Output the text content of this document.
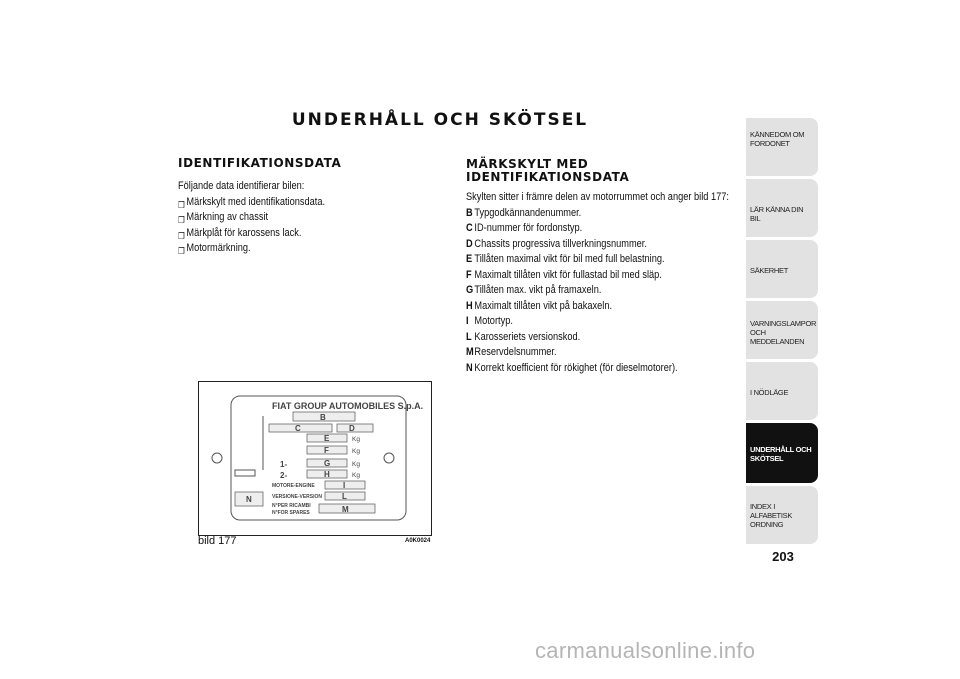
UNDERHÅLL OCH SKÖTSEL
IDENTIFIKATIONSDATA
Följande data identifierar bilen:
❒ Märkskylt med identifikationsdata.
❒ Märkning av chassit
❒ Märkplåt för karossens lack.
❒ Motormärkning.
MÄRKSKYLT MED
IDENTIFIKATIONSDATA
Skylten sitter i främre delen av motorrummet och anger bild 177:
B Typgodkännandenummer.
C ID-nummer för fordonstyp.
D Chassits progressiva tillverkningsnummer.
E Tillåten maximal vikt för bil med full belastning.
F Maximalt tillåten vikt för fullastad bil med släp.
G Tillåten max. vikt på framaxeln.
H Maximalt tillåten vikt på bakaxeln.
I Motortyp.
L Karosseriets versionskod.
M Reservdelsnummer.
N Korrekt koefficient för rökighet (för dieselmotorer).
FIAT GROUP AUTOMOBILES S.p.A.
B
C	D
E	Kg
F	Kg
1-	G	Kg
2-	H	Kg
MOTORE-ENGINE	I
VERSIONE-VERSION L
N
N°PER RICAMBI
N°FOR SPARES	M
bild 177	A0K0024
KÄNNEDOM OM
FORDONET
LÄR KÄNNA DIN BIL
SÄKERHET
VARNINGSLAMPOR
OCH MEDDELANDEN
I NÖDLÄGE
UNDERHÅLL OCH
SKÖTSEL
INDEX I ALFABETISK
ORDNING
203
carmanualsonline.info
